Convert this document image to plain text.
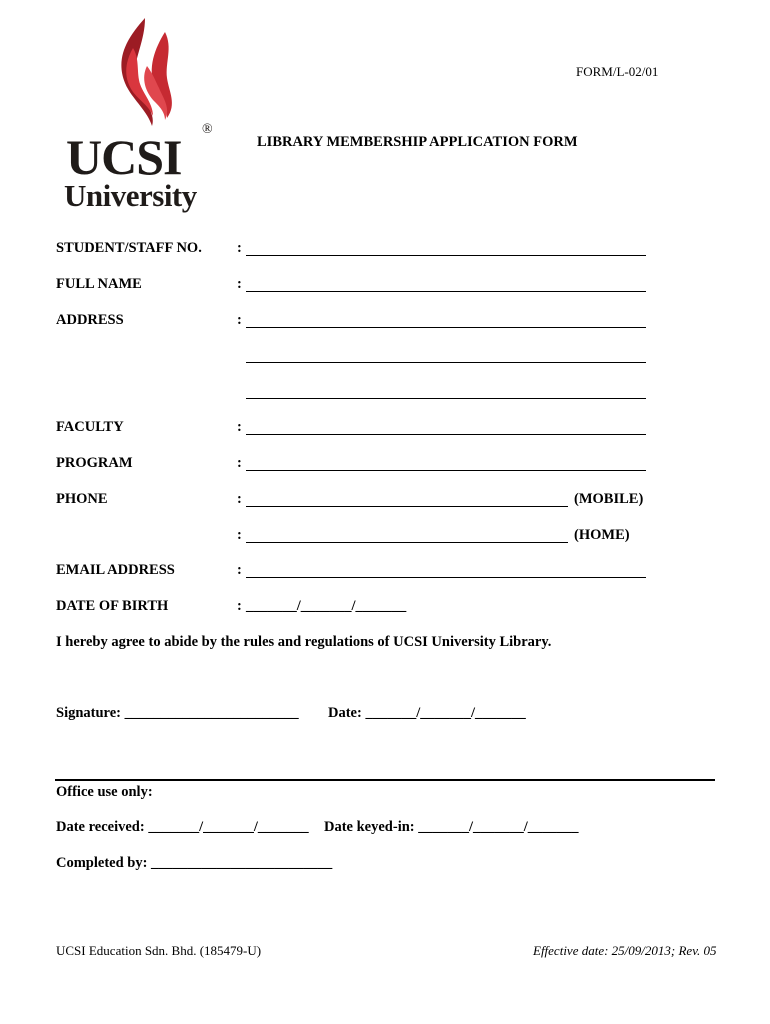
UCSI ®
University
FORM/L-02/01
LIBRARY MEMBERSHIP APPLICATION FORM
STUDENT/STAFF NO. :
FULL NAME	:
ADDRESS	:
FACULTY	:
PROGRAM	:
PHONE	:	(MOBILE)
:	(HOME)
EMAIL ADDRESS	:
DATE OF BIRTH	: _______/_______/_______
I hereby agree to abide by the rules and regulations of UCSI University Library.
Signature: ________________________ Date: _______/_______/_______
Office use only:
Date received: _______/_______/_______ Date keyed-in: _______/_______/_______
Completed by: _________________________
UCSI Education Sdn. Bhd. (185479-U)	Effective date: 25/09/2013; Rev. 05
